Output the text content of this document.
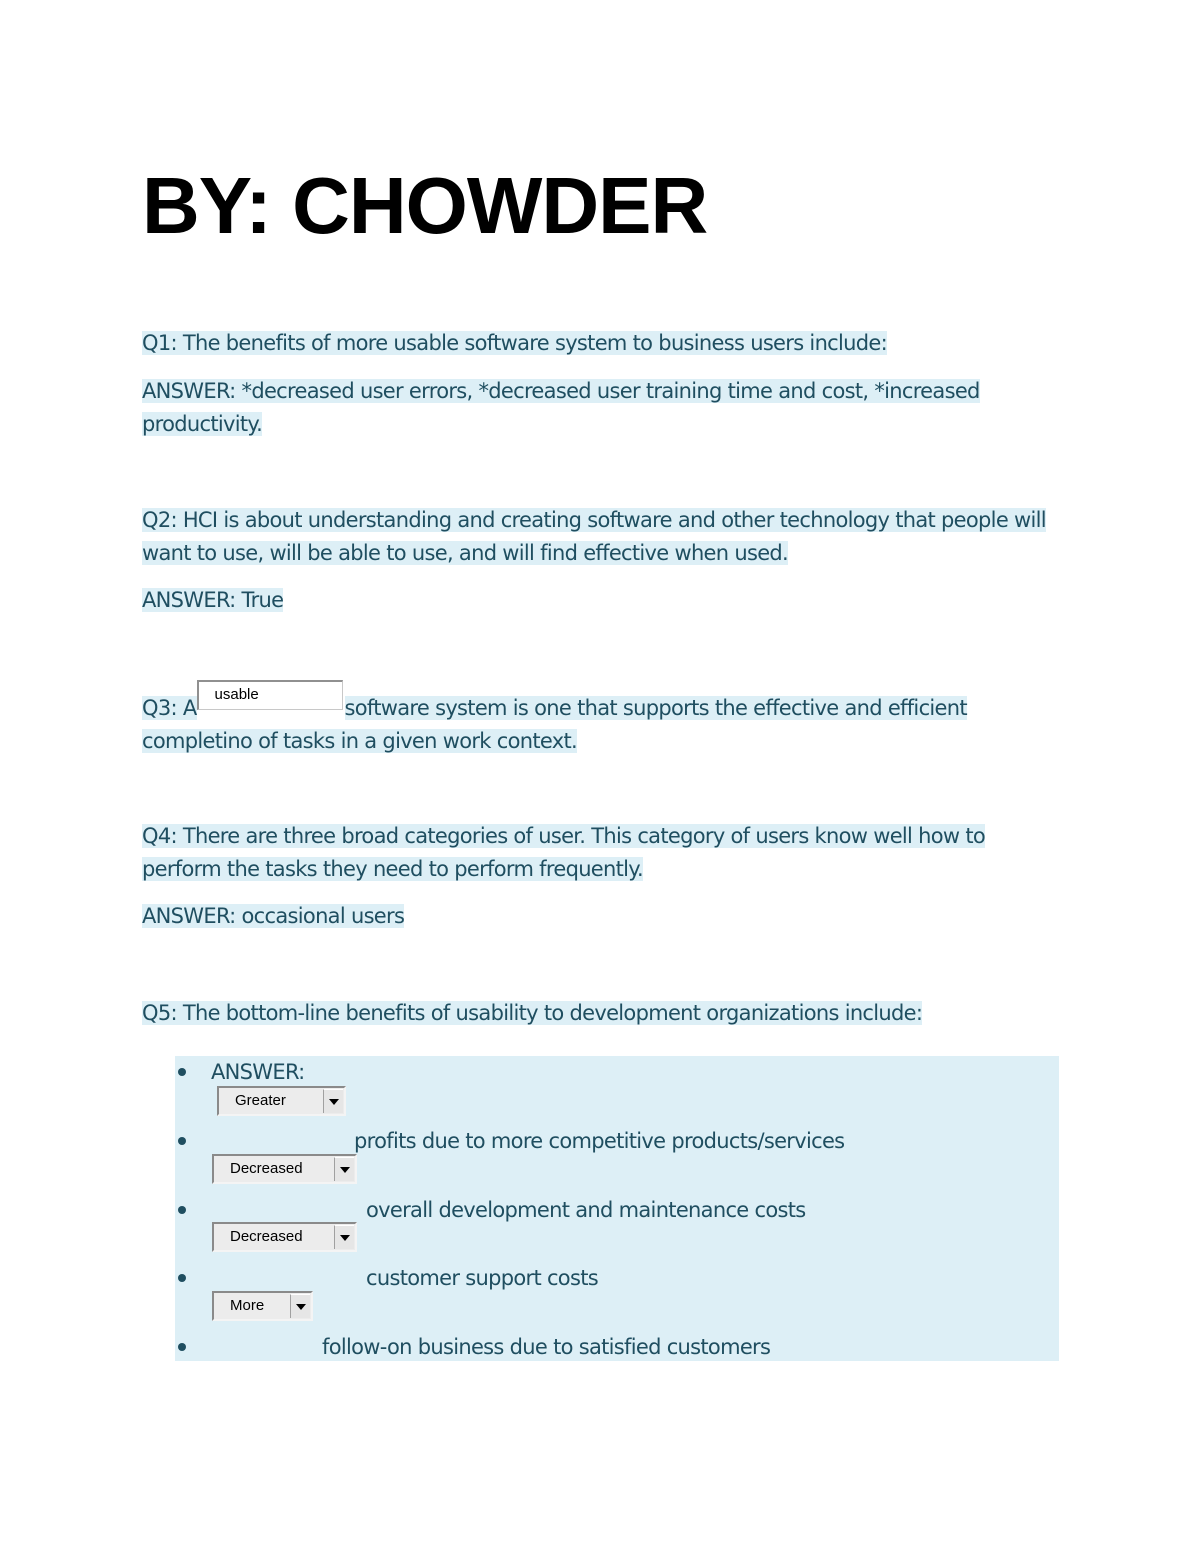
BY: CHOWDER

Q1: The benefits of more usable software system to business users include:

ANSWER: *decreased user errors, *decreased user training time and cost, *increased
productivity.

Q2: HCI is about understanding and creating software and other technology that people will
want to use, will be able to use, and will find effective when used.

ANSWER: True

Q3: Ausablesoftware system is one that supports the effective and efficient
completino of tasks in a given work context.

Q4: There are three broad categories of user. This category of users know well how to
perform the tasks they need to perform frequently.

ANSWER: occasional users

Q5: The bottom-line benefits of usability to development organizations include:

ANSWER:
Greater
profits due to more competitive products/services
Decreased
overall development and maintenance costs
Decreased
customer support costs
More
follow-on business due to satisfied customers
